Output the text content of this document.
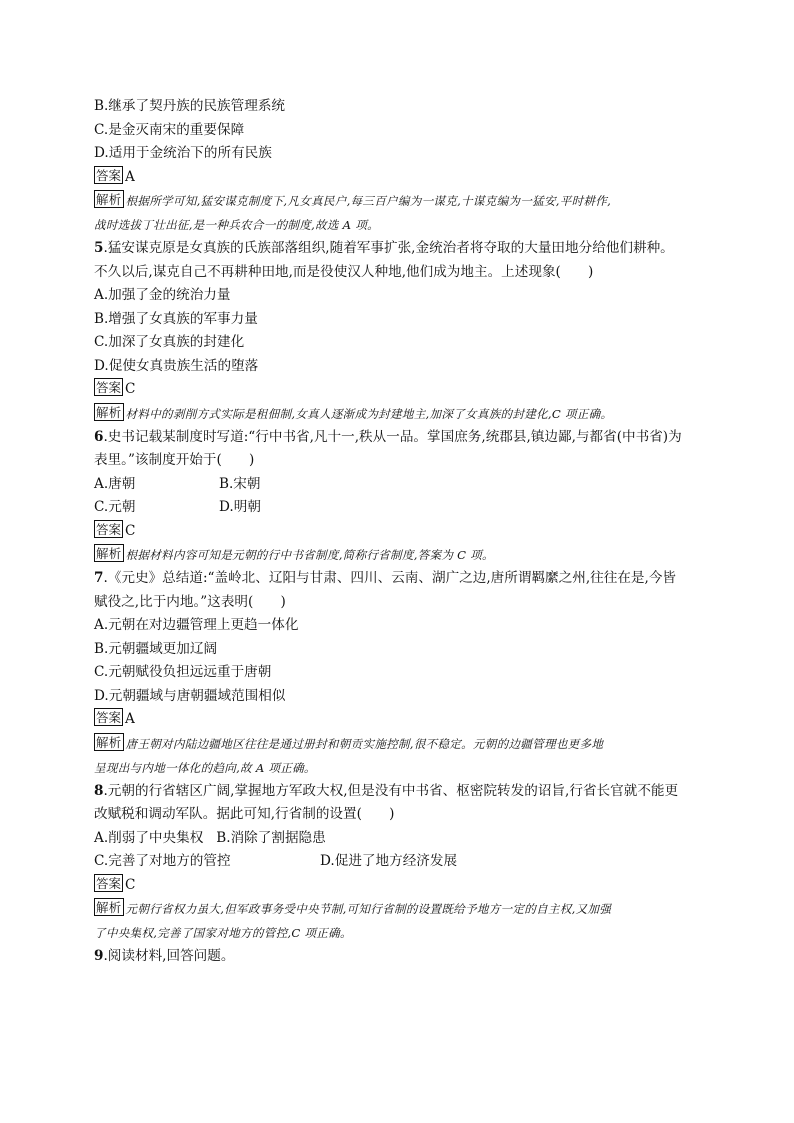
B.继承了契丹族的民族管理系统
C.是金灭南宋的重要保障
D.适用于金统治下的所有民族
答案 A
解析 根据所学可知,猛安谋克制度下,凡女真民户,每三百户编为一谋克,十谋克编为一猛安,平时耕作,
战时选拔丁壮出征,是一种兵农合一的制度,故选 A 项。
5.猛安谋克原是女真族的氏族部落组织,随着军事扩张,金统治者将夺取的大量田地分给他们耕种。
不久以后,谋克自己不再耕种田地,而是役使汉人种地,他们成为地主。上述现象(　　)
A.加强了金的统治力量
B.增强了女真族的军事力量
C.加深了女真族的封建化
D.促使女真贵族生活的堕落
答案 C
解析 材料中的剥削方式实际是租佃制,女真人逐渐成为封建地主,加深了女真族的封建化,C 项正确。
6.史书记载某制度时写道:“行中书省,凡十一,秩从一品。掌国庶务,统郡县,镇边鄙,与都省(中书省)为
表里。”该制度开始于(　　)
A.唐朝	B.宋朝
C.元朝	D.明朝
答案 C
解析 根据材料内容可知是元朝的行中书省制度,简称行省制度,答案为 C 项。
7.《元史》总结道:“盖岭北、辽阳与甘肃、四川、云南、湖广之边,唐所谓羁縻之州,往往在是,今皆
赋役之,比于内地。”这表明(　　)
A.元朝在对边疆管理上更趋一体化
B.元朝疆域更加辽阔
C.元朝赋役负担远远重于唐朝
D.元朝疆域与唐朝疆域范围相似
答案 A
解析 唐王朝对内陆边疆地区往往是通过册封和朝贡实施控制,很不稳定。元朝的边疆管理也更多地
呈现出与内地一体化的趋向,故 A 项正确。
8.元朝的行省辖区广阔,掌握地方军政大权,但是没有中书省、枢密院转发的诏旨,行省长官就不能更
改赋税和调动军队。据此可知,行省制的设置(　　)
A.削弱了中央集权 B.消除了割据隐患
C.完善了对地方的管控	D.促进了地方经济发展
答案 C
解析 元朝行省权力虽大,但军政事务受中央节制,可知行省制的设置既给予地方一定的自主权,又加强
了中央集权,完善了国家对地方的管控,C 项正确。
9.阅读材料,回答问题。
